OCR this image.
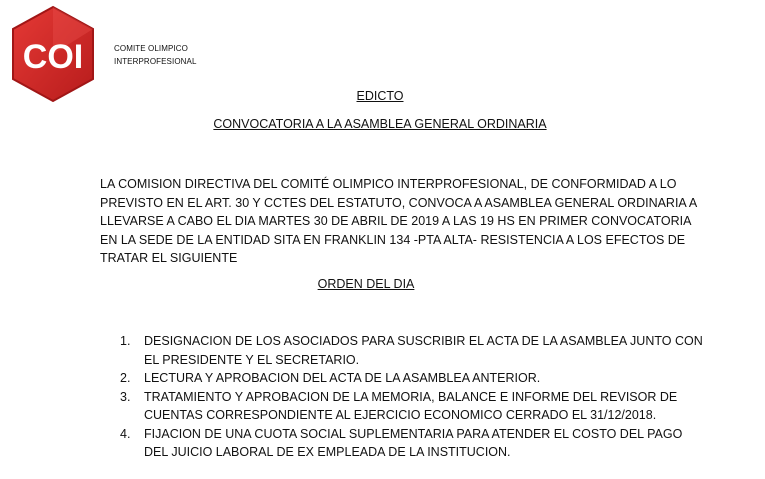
COI	COMITE OLIMPICO
INTERPROFESIONAL
EDICTO
CONVOCATORIA A LA ASAMBLEA GENERAL ORDINARIA
LA COMISION DIRECTIVA DEL COMITÉ OLIMPICO INTERPROFESIONAL, DE CONFORMIDAD A LO
PREVISTO EN EL ART. 30 Y CCTES DEL ESTATUTO, CONVOCA A ASAMBLEA GENERAL ORDINARIA A
LLEVARSE A CABO EL DIA MARTES 30 DE ABRIL DE 2019 A LAS 19 HS EN PRIMER CONVOCATORIA
EN LA SEDE DE LA ENTIDAD SITA EN FRANKLIN 134 -PTA ALTA- RESISTENCIA A LOS EFECTOS DE
TRATAR EL SIGUIENTE
ORDEN DEL DIA
1. DESIGNACION DE LOS ASOCIADOS PARA SUSCRIBIR EL ACTA DE LA ASAMBLEA JUNTO CON
EL PRESIDENTE Y EL SECRETARIO.
2. LECTURA Y APROBACION DEL ACTA DE LA ASAMBLEA ANTERIOR.
3. TRATAMIENTO Y APROBACION DE LA MEMORIA, BALANCE E INFORME DEL REVISOR DE
CUENTAS CORRESPONDIENTE AL EJERCICIO ECONOMICO CERRADO EL 31/12/2018.
4. FIJACION DE UNA CUOTA SOCIAL SUPLEMENTARIA PARA ATENDER EL COSTO DEL PAGO
DEL JUICIO LABORAL DE EX EMPLEADA DE LA INSTITUCION.
